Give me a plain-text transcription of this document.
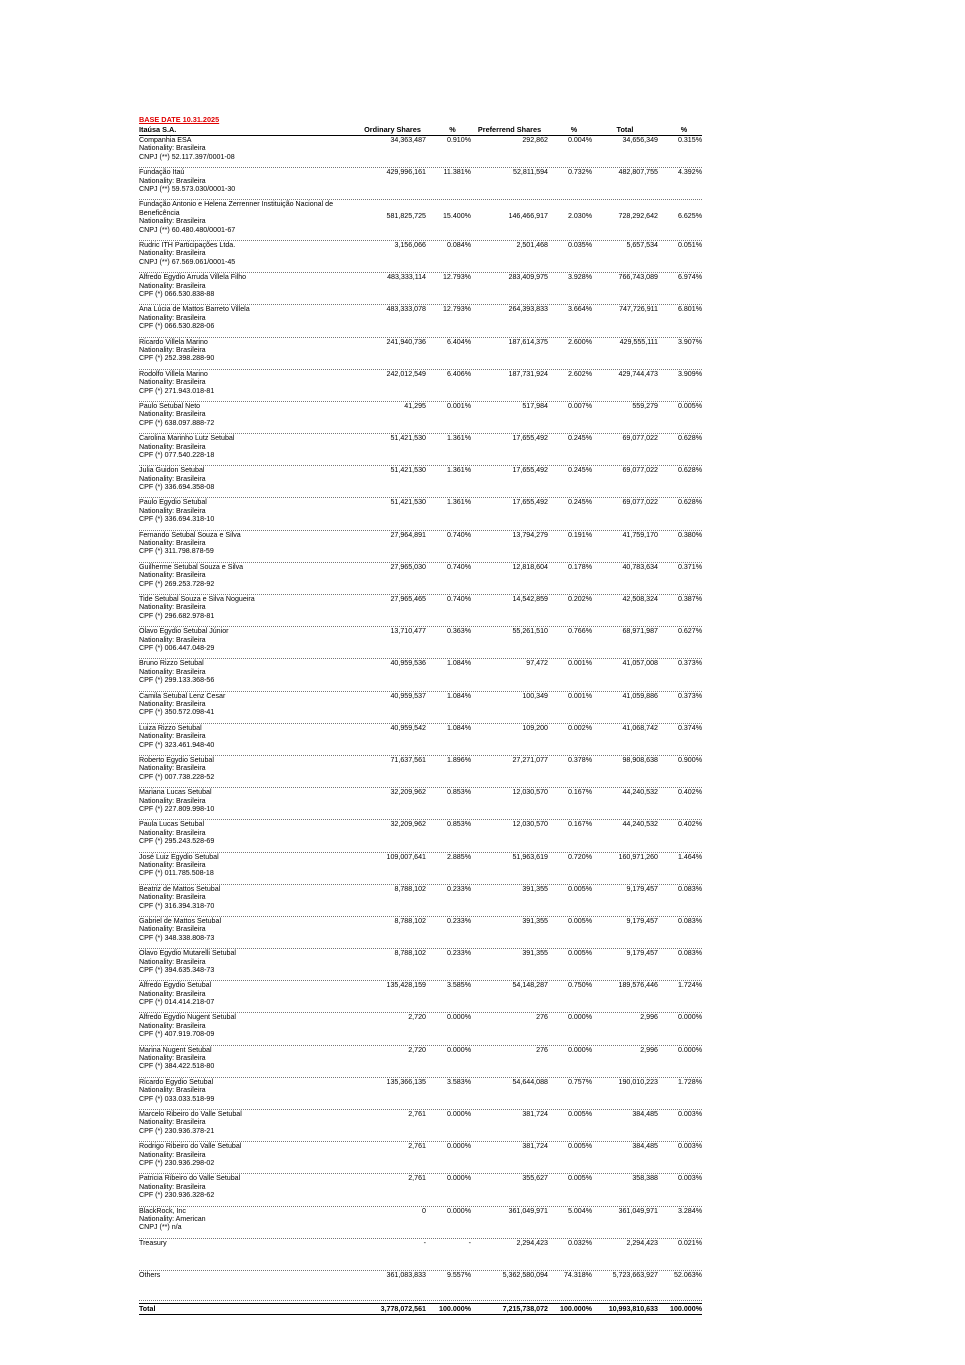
BASE DATE 10.31.2025
Itaúsa S.A.	Ordinary Shares	%	Preferrend Shares	%	Total	%
Companhia ESA
Nationality: Brasileira
CNPJ (**) 52.117.397/0001-08
34,363,487	0.910%	292,862	0.004%	34,656,349	0.315%
Fundação Itaú
Nationality: Brasileira
CNPJ (**) 59.573.030/0001-30
429,996,161	11.381%	52,811,594	0.732%	482,807,755	4.392%
Fundação Antonio e Helena Zerrenner Instituição Nacional de Beneficência
Nationality: Brasileira
CNPJ (**) 60.480.480/0001-67
581,825,725	15.400%	146,466,917	2.030%	728,292,642	6.625%
Rudric ITH Participações Ltda.
Nationality: Brasileira
CNPJ (**) 67.569.061/0001-45
3,156,066	0.084%	2,501,468	0.035%	5,657,534	0.051%
Alfredo Egydio Arruda Villela Filho
Nationality: Brasileira
CPF (*) 066.530.838-88
483,333,114	12.793%	283,409,975	3.928%	766,743,089	6.974%
Ana Lúcia de Mattos Barreto Villela
Nationality: Brasileira
CPF (*) 066.530.828-06
483,333,078	12.793%	264,393,833	3.664%	747,726,911	6.801%
Ricardo Villela Marino
Nationality: Brasileira
CPF (*) 252.398.288-90
241,940,736	6.404%	187,614,375	2.600%	429,555,111	3.907%
Rodolfo Villela Marino
Nationality: Brasileira
CPF (*) 271.943.018-81
242,012,549	6.406%	187,731,924	2.602%	429,744,473	3.909%
Paulo Setubal Neto
Nationality: Brasileira
CPF (*) 638.097.888-72
41,295	0.001%	517,984	0.007%	559,279	0.005%
Carolina Marinho Lutz Setubal
Nationality: Brasileira
CPF (*) 077.540.228-18
51,421,530	1.361%	17,655,492	0.245%	69,077,022	0.628%
Julia Guidon Setubal
Nationality: Brasileira
CPF (*) 336.694.358-08
51,421,530	1.361%	17,655,492	0.245%	69,077,022	0.628%
Paulo Egydio Setubal
Nationality: Brasileira
CPF (*) 336.694.318-10
51,421,530	1.361%	17,655,492	0.245%	69,077,022	0.628%
Fernando Setubal Souza e Silva
Nationality: Brasileira
CPF (*) 311.798.878-59
27,964,891	0.740%	13,794,279	0.191%	41,759,170	0.380%
Guilherme Setubal Souza e Silva
Nationality: Brasileira
CPF (*) 269.253.728-92
27,965,030	0.740%	12,818,604	0.178%	40,783,634	0.371%
Tide Setubal Souza e Silva Nogueira
Nationality: Brasileira
CPF (*) 296.682.978-81
27,965,465	0.740%	14,542,859	0.202%	42,508,324	0.387%
Olavo Egydio Setubal Júnior
Nationality: Brasileira
CPF (*) 006.447.048-29
13,710,477	0.363%	55,261,510	0.766%	68,971,987	0.627%
Bruno Rizzo Setubal
Nationality: Brasileira
CPF (*) 299.133.368-56
40,959,536	1.084%	97,472	0.001%	41,057,008	0.373%
Camila Setubal Lenz Cesar
Nationality: Brasileira
CPF (*) 350.572.098-41
40,959,537	1.084%	100,349	0.001%	41,059,886	0.373%
Luiza Rizzo Setubal
Nationality: Brasileira
CPF (*) 323.461.948-40
40,959,542	1.084%	109,200	0.002%	41,068,742	0.374%
Roberto Egydio Setubal
Nationality: Brasileira
CPF (*) 007.738.228-52
71,637,561	1.896%	27,271,077	0.378%	98,908,638	0.900%
Mariana Lucas Setubal
Nationality: Brasileira
CPF (*) 227.809.998-10
32,209,962	0.853%	12,030,570	0.167%	44,240,532	0.402%
Paula Lucas Setubal
Nationality: Brasileira
CPF (*) 295.243.528-69
32,209,962	0.853%	12,030,570	0.167%	44,240,532	0.402%
José Luiz Egydio Setubal
Nationality: Brasileira
CPF (*) 011.785.508-18
109,007,641	2.885%	51,963,619	0.720%	160,971,260	1.464%
Beatriz de Mattos Setubal
Nationality: Brasileira
CPF (*) 316.394.318-70
8,788,102	0.233%	391,355	0.005%	9,179,457	0.083%
Gabriel de Mattos Setubal
Nationality: Brasileira
CPF (*) 348.338.808-73
8,788,102	0.233%	391,355	0.005%	9,179,457	0.083%
Olavo Egydio Mutarelli Setubal
Nationality: Brasileira
CPF (*) 394.635.348-73
8,788,102	0.233%	391,355	0.005%	9,179,457	0.083%
Alfredo Egydio Setubal
Nationality: Brasileira
CPF (*) 014.414.218-07
135,428,159	3.585%	54,148,287	0.750%	189,576,446	1.724%
Alfredo Egydio Nugent Setubal
Nationality: Brasileira
CPF (*) 407.919.708-09
2,720	0.000%	276	0.000%	2,996	0.000%
Marina Nugent Setubal
Nationality: Brasileira
CPF (*) 384.422.518-80
2,720	0.000%	276	0.000%	2,996	0.000%
Ricardo Egydio Setubal
Nationality: Brasileira
CPF (*) 033.033.518-99
135,366,135	3.583%	54,644,088	0.757%	190,010,223	1.728%
Marcelo Ribeiro do Valle Setubal
Nationality: Brasileira
CPF (*) 230.936.378-21
2,761	0.000%	381,724	0.005%	384,485	0.003%
Rodrigo Ribeiro do Valle Setubal
Nationality: Brasileira
CPF (*) 230.936.298-02
2,761	0.000%	381,724	0.005%	384,485	0.003%
Patricia Ribeiro do Valle Setubal
Nationality: Brasileira
CPF (*) 230.936.328-62
2,761	0.000%	355,627	0.005%	358,388	0.003%
BlackRock, Inc
Nationality: American
CNPJ (**) n/a
0	0.000%	361,049,971	5.004%	361,049,971	3.284%
Treasury	-	-	2,294,423	0.032%	2,294,423	0.021%
Others	361,083,833	9.557%	5,362,580,094	74.318%	5,723,663,927	52.063%
Total	3,778,072,561	100.000%	7,215,738,072	100.000%	10,993,810,633	100.000%
